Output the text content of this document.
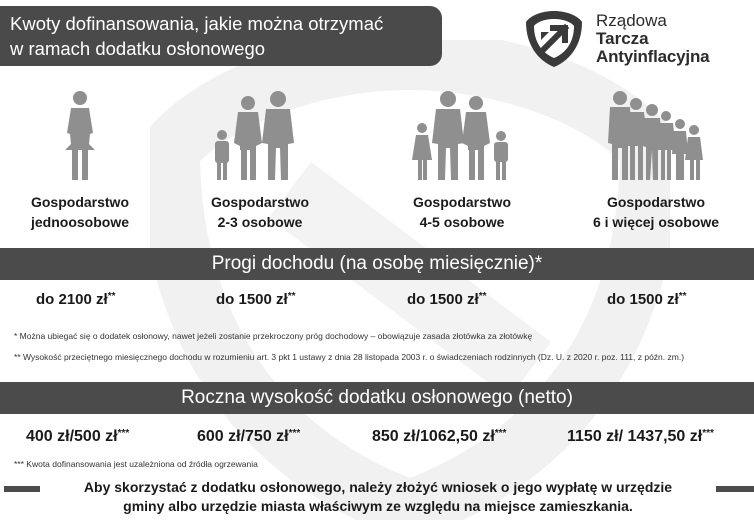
Kwoty dofinansowania, jakie można otrzymać
w ramach dodatku osłonowego
Rządowa
Tarcza
Antyinflacyjna
Gospodarstwo
jednoosobowe
Gospodarstwo
2-3 osobowe
Gospodarstwo
4-5 osobowe
Gospodarstwo
6 i więcej osobowe
Progi dochodu (na osobę miesięcznie)*
do 2100 zł**	do 1500 zł**	do 1500 zł**	do 1500 zł**
* Można ubiegać się o dodatek osłonowy, nawet jeżeli zostanie przekroczony próg dochodowy – obowiązuje zasada złotówka za złotówkę
** Wysokość przeciętnego miesięcznego dochodu w rozumieniu art. 3 pkt 1 ustawy z dnia 28 listopada 2003 r. o świadczeniach rodzinnych (Dz. U. z 2020 r. poz. 111, z późn. zm.)
Roczna wysokość dodatku osłonowego (netto)
400 zł/500 zł***	600 zł/750 zł***	850 zł/1062,50 zł***	1150 zł/ 1437,50 zł***
*** Kwota dofinansowania jest uzależniona od źródła ogrzewania
Aby skorzystać z dodatku osłonowego, należy złożyć wniosek o jego wypłatę w urzędzie
gminy albo urzędzie miasta właściwym ze względu na miejsce zamieszkania.
